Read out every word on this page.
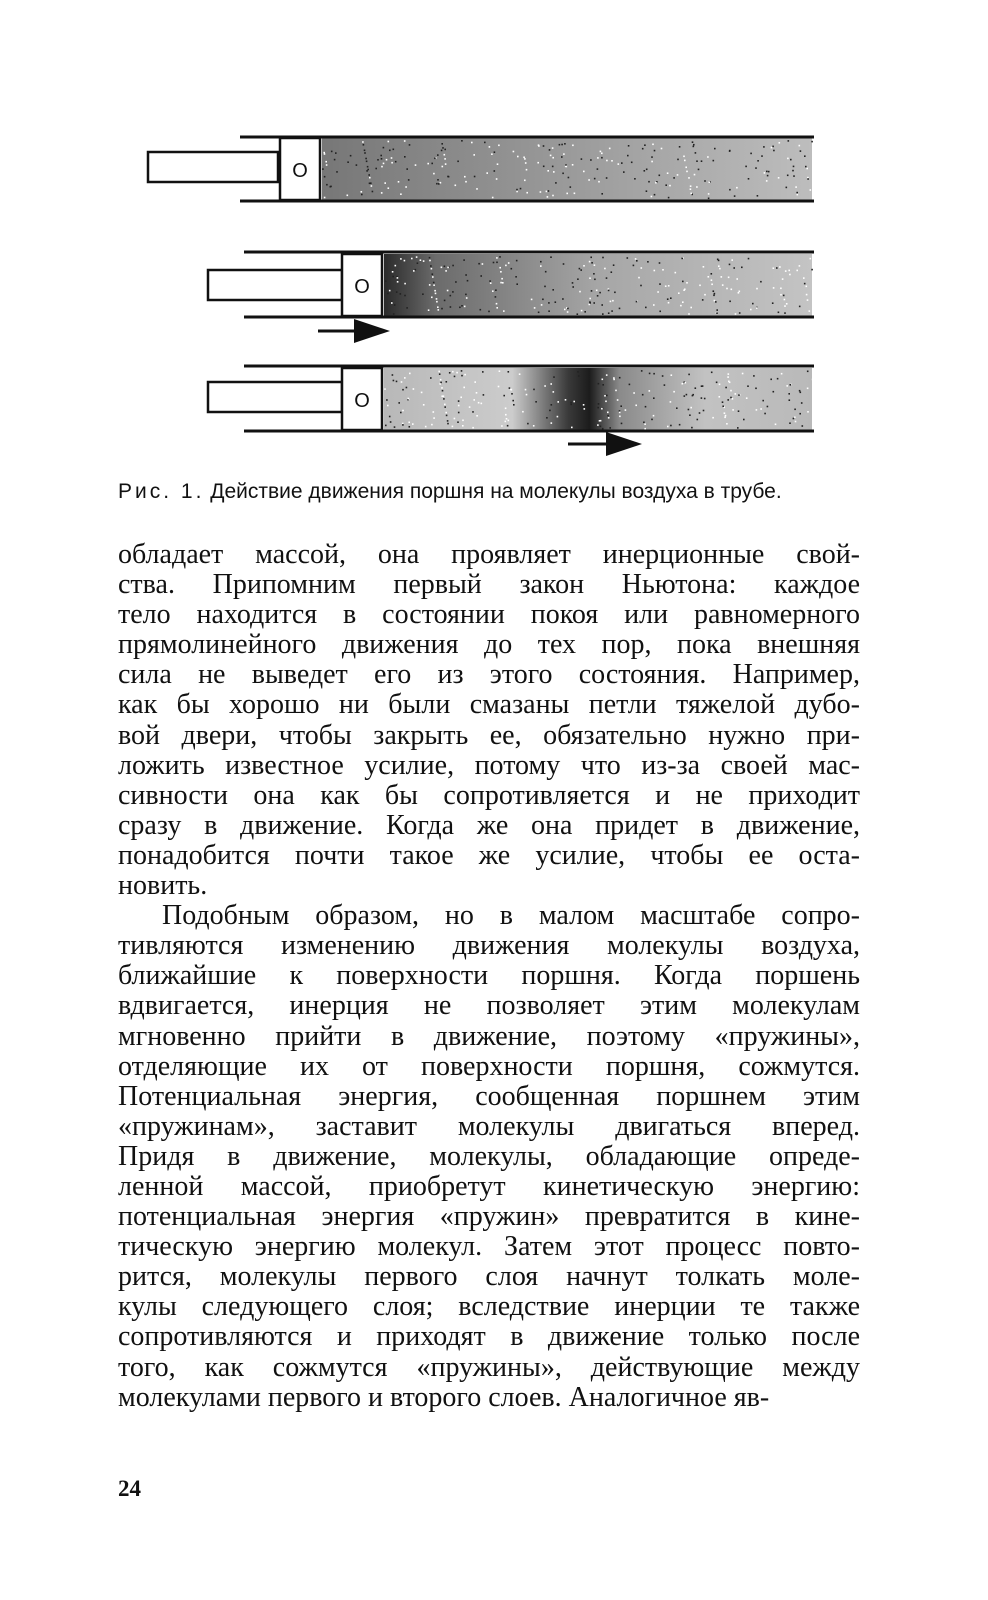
O
O
O
Рис. 1. Действие движения поршня на молекулы воздуха в трубе.

обладает массой, она проявляет инерционные свой-
ства. Припомним первый закон Ньютона: каждое
тело находится в состоянии покоя или равномерного
прямолинейного движения до тех пор, пока внешняя
сила не выведет его из этого состояния. Например,
как бы хорошо ни были смазаны петли тяжелой дубо-
вой двери, чтобы закрыть ее, обязательно нужно при-
ложить известное усилие, потому что из-за своей мас-
сивности она как бы сопротивляется и не приходит
сразу в движение. Когда же она придет в движение,
понадобится почти такое же усилие, чтобы ее оста-
новить.

Подобным образом, но в малом масштабе сопро-
тивляются изменению движения молекулы воздуха,
ближайшие к поверхности поршня. Когда поршень
вдвигается, инерция не позволяет этим молекулам
мгновенно прийти в движение, поэтому «пружины»,
отделяющие их от поверхности поршня, сожмутся.
Потенциальная энергия, сообщенная поршнем этим
«пружинам», заставит молекулы двигаться вперед.
Придя в движение, молекулы, обладающие опреде-
ленной массой, приобретут кинетическую энергию:
потенциальная энергия «пружин» превратится в кине-
тическую энергию молекул. Затем этот процесс повто-
рится, молекулы первого слоя начнут толкать моле-
кулы следующего слоя; вследствие инерции те также
сопротивляются и приходят в движение только после
того, как сожмутся «пружины», действующие между
молекулами первого и второго слоев. Аналогичное яв-

24
